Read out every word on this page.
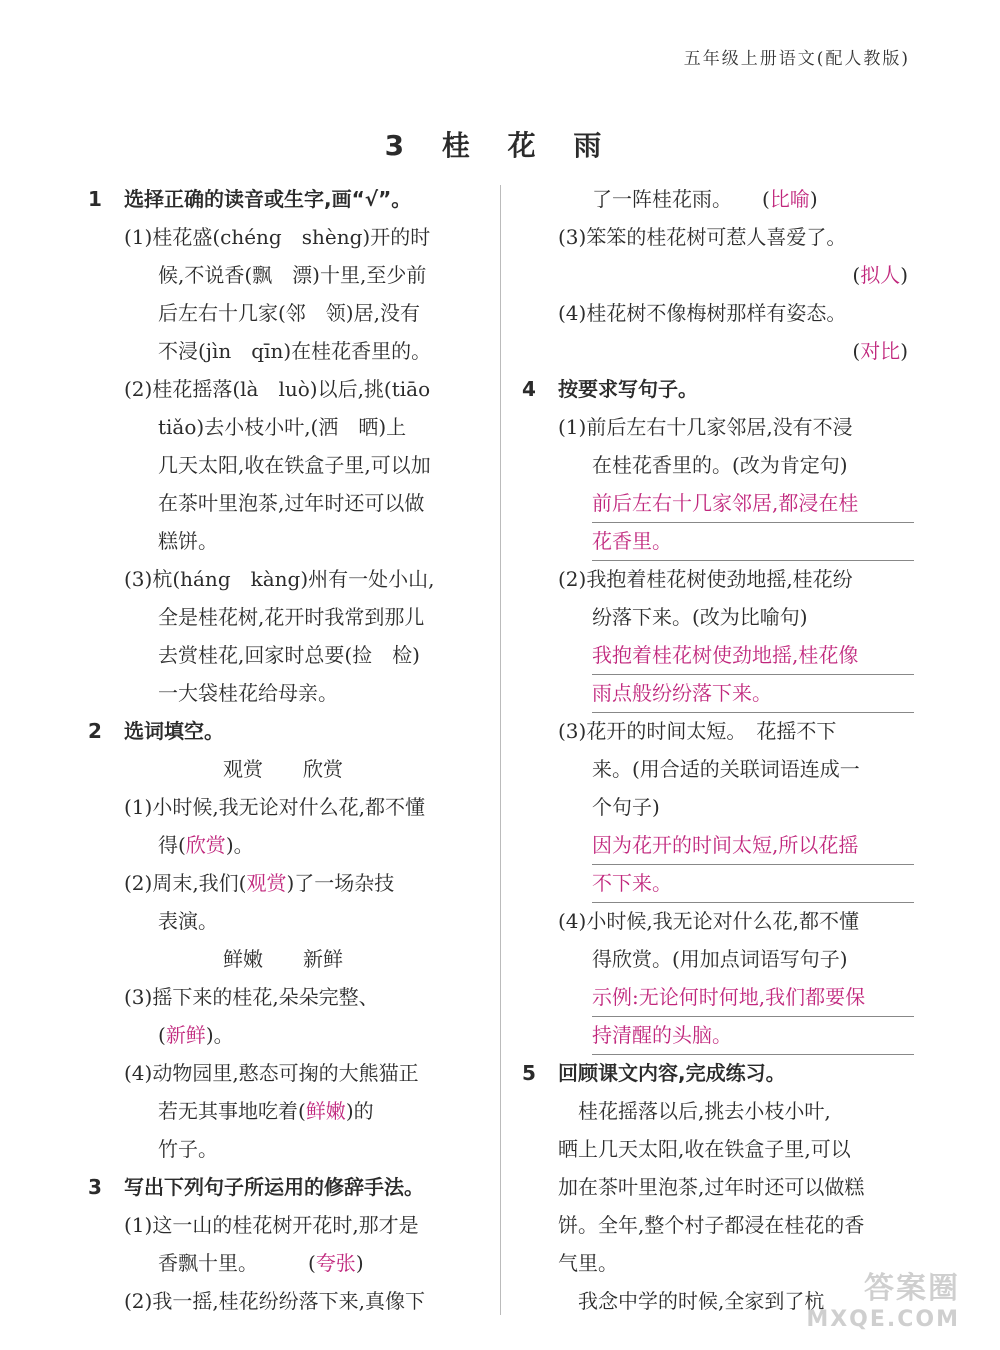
五年级上册语文(配人教版)
3 桂 花 雨
1 选择正确的读音或生字,画“√”。
(1)桂花盛(chéng　shèng)开的时
候,不说香(飘　漂)十里,至少前
后左右十几家(邻　领)居,没有
不浸(jìn　qīn)在桂花香里的。
(2)桂花摇落(là　luò)以后,挑(tiāo
tiǎo)去小枝小叶,(洒　晒)上
几天太阳,收在铁盒子里,可以加
在茶叶里泡茶,过年时还可以做
糕饼。
(3)杭(háng　kàng)州有一处小山,
全是桂花树,花开时我常到那儿
去赏桂花,回家时总要(捡　检)
一大袋桂花给母亲。
2 选词填空。
观赏　　欣赏
(1)小时候,我无论对什么花,都不懂
得(欣赏)。
(2)周末,我们(观赏)了一场杂技
表演。
鲜嫩　　新鲜
(3)摇下来的桂花,朵朵完整、
(新鲜)。
(4)动物园里,憨态可掬的大熊猫正
若无其事地吃着(鲜嫩)的
竹子。
3 写出下列句子所运用的修辞手法。
(1)这一山的桂花树开花时,那才是
香飘十里。　　　(夸张)
(2)我一摇,桂花纷纷落下来,真像下
了一阵桂花雨。　　(比喻)
(3)笨笨的桂花树可惹人喜爱了。
(拟人)
(4)桂花树不像梅树那样有姿态。
(对比)
4 按要求写句子。
(1)前后左右十几家邻居,没有不浸
在桂花香里的。(改为肯定句)
前后左右十几家邻居,都浸在桂
花香里。
(2)我抱着桂花树使劲地摇,桂花纷
纷落下来。(改为比喻句)
我抱着桂花树使劲地摇,桂花像
雨点般纷纷落下来。
(3)花开的时间太短。　花摇不下
来。(用合适的关联词语连成一
个句子)
因为花开的时间太短,所以花摇
不下来。
(4)小时候,我无论对什么花,都不懂
得欣赏。(用加点词语写句子)
示例:无论何时何地,我们都要保
持清醒的头脑。
5 回顾课文内容,完成练习。
　桂花摇落以后,挑去小枝小叶,
晒上几天太阳,收在铁盒子里,可以
加在茶叶里泡茶,过年时还可以做糕
饼。全年,整个村子都浸在桂花的香
气里。
　我念中学的时候,全家到了杭	答案圈
MXQE.COM
